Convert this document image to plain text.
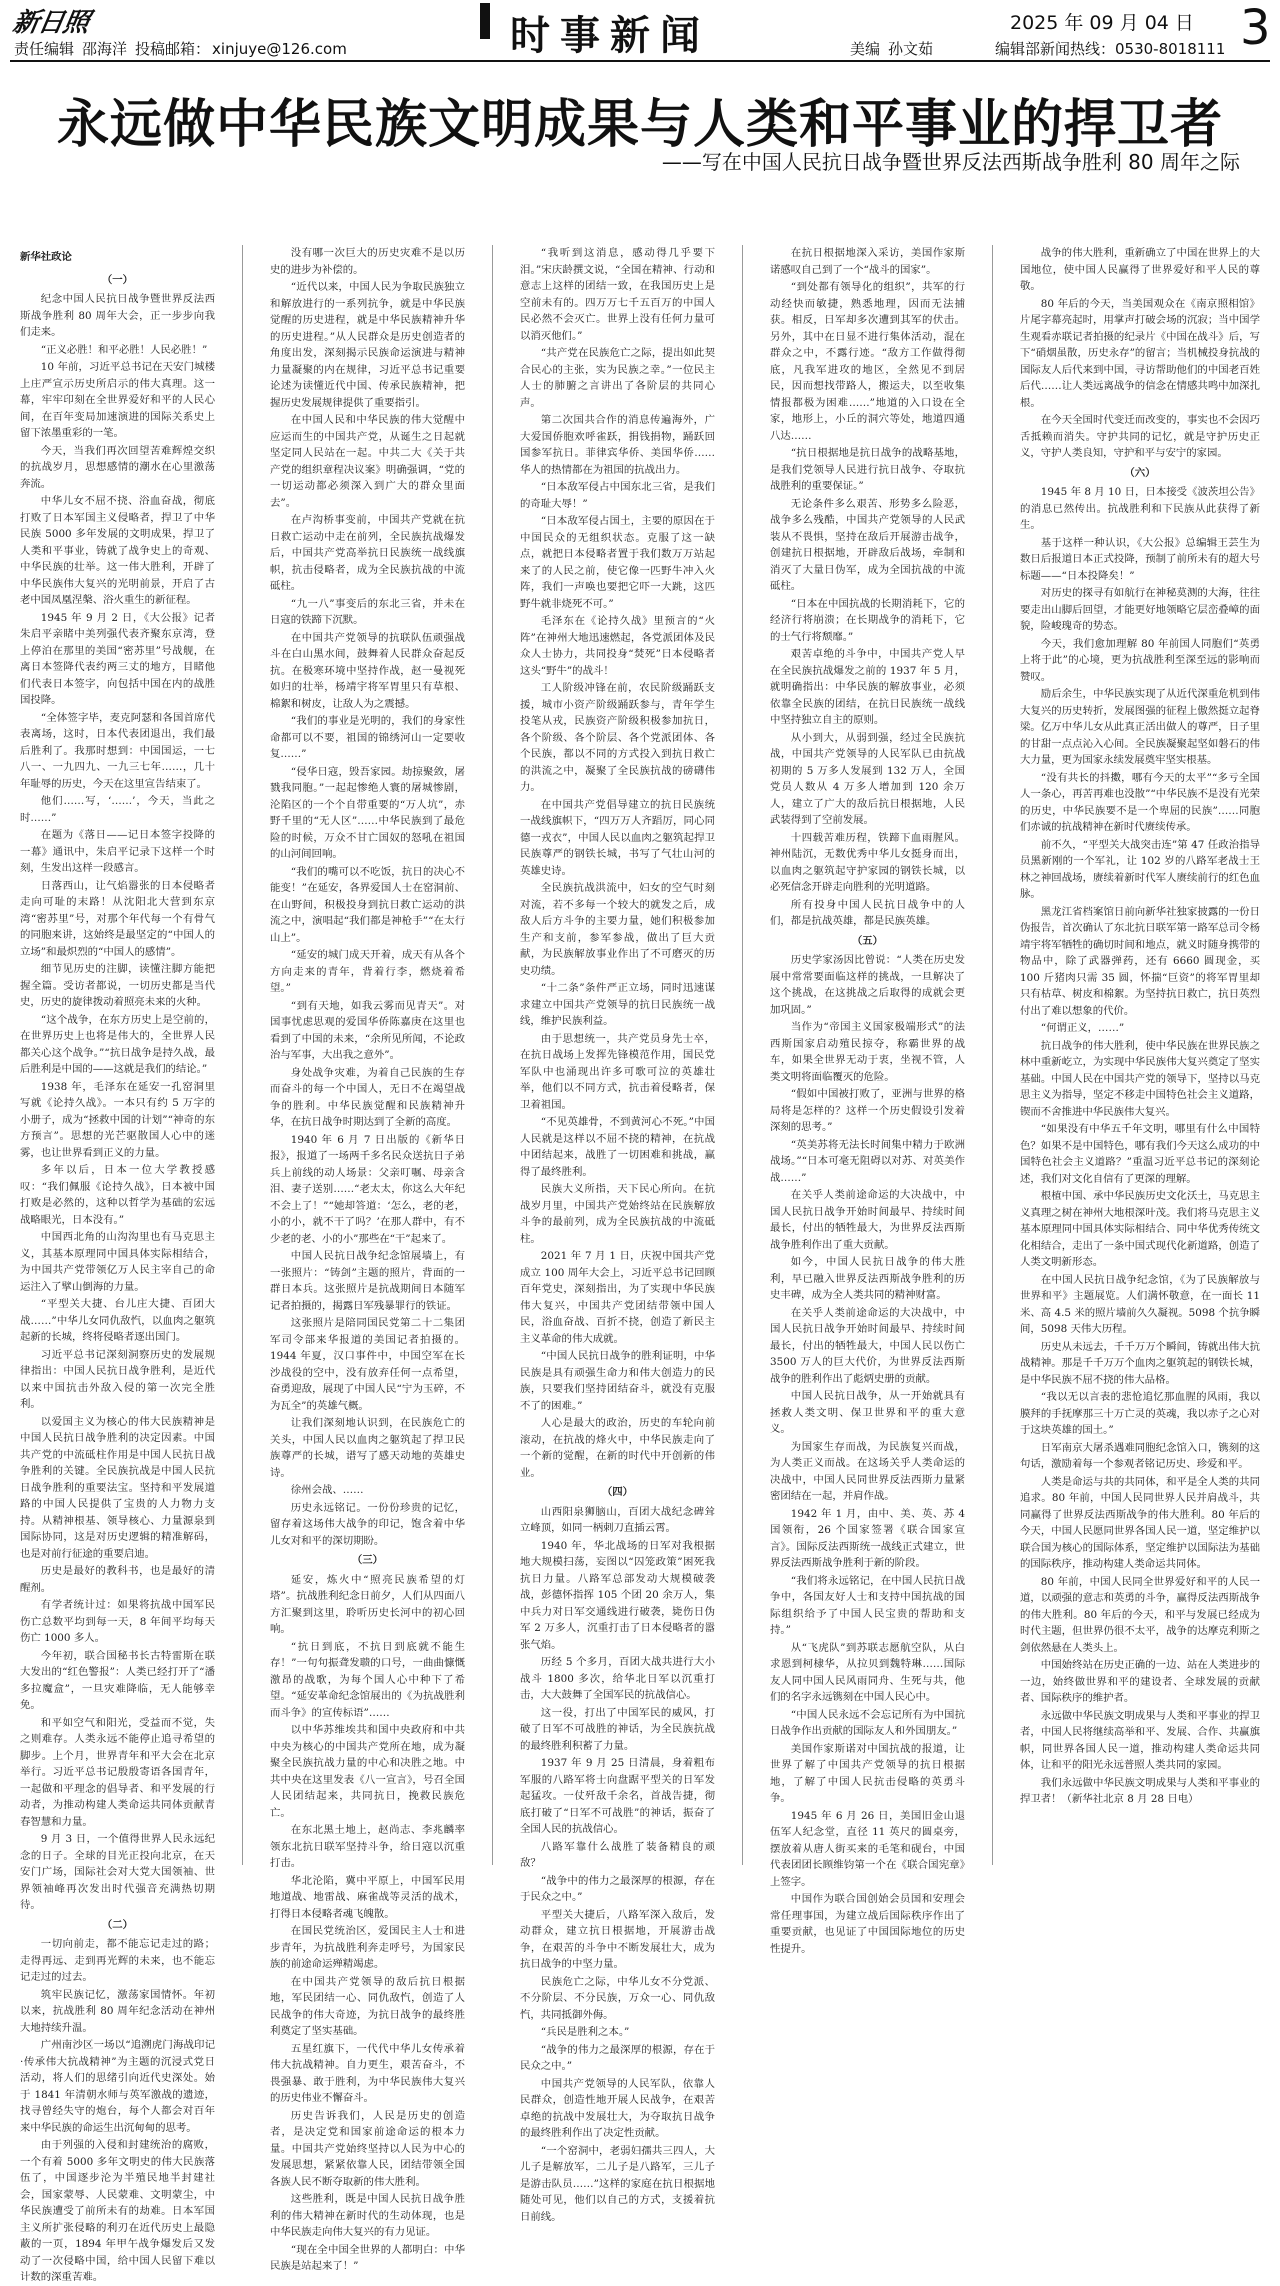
新日照
责任编辑 邵海洋 投稿邮箱： xinjuye@126.com	时事新闻	美编 孙文茹
2025 年 09 月 04 日
编辑部新闻热线：0530-8018111 3
永远做中华民族文明成果与人类和平事业的捍卫者
——写在中国人民抗日战争暨世界反法西斯战争胜利 80 周年之际
新华社政论
（一）

纪念中国人民抗日战争暨世界反法西斯战争胜利 80 周年大会，正一步步向我们走来。

“正义必胜！和平必胜！人民必胜！”

10 年前，习近平总书记在天安门城楼上庄严宣示历史所启示的伟大真理。这一幕，牢牢印刻在全世界爱好和平的人民心间，在百年变局加速演进的国际关系史上留下浓墨重彩的一笔。

今天，当我们再次回望苦难辉煌交织的抗战岁月，思想感情的潮水在心里激荡奔流。

中华儿女不屈不挠、浴血奋战，彻底打败了日本军国主义侵略者，捍卫了中华民族 5000 多年发展的文明成果，捍卫了人类和平事业，铸就了战争史上的奇观、中华民族的壮举。这一伟大胜利，开辟了中华民族伟大复兴的光明前景，开启了古老中国凤凰涅槃、浴火重生的新征程。

1945 年 9 月 2 日，《大公报》记者朱启平亲睹中美列强代表齐聚东京湾，登上停泊在那里的美国“密苏里”号战舰，在离日本签降代表约两三丈的地方，目睹他们代表日本签字，向包括中国在内的战胜国投降。

“全体签字毕，麦克阿瑟和各国首席代表离场，这时，日本代表团退出，我们最后胜利了。我那时想到：中国国运，一七八一、一九四九、一九三七年……，几十年耻辱的历史，今天在这里宣告结束了。

他们……写，‘……’，今天，当此之时……”

在题为《落日——记日本签字投降的一幕》通讯中，朱启平记录下这样一个时刻，生发出这样一段感言。

日落西山，让气焰嚣张的日本侵略者走向可耻的末路！从沈阳北大营到东京湾“密苏里”号，对那个年代每一个有骨气的同胞来讲，这始终是最坚定的“中国人的立场”和最炽烈的“中国人的感情”。

细节见历史的注脚，读懂注脚方能把握全篇。受访者都说，一切历史都是当代史，历史的旋律拨动着照亮未来的火种。

“这个战争，在东方历史上是空前的，在世界历史上也将是伟大的，全世界人民都关心这个战争。”“抗日战争是持久战，最后胜利是中国的——这就是我们的结论。”

1938 年，毛泽东在延安一孔窑洞里写就《论持久战》。一本只有约 5 万字的小册子，成为“拯救中国的计划”“神奇的东方预言”。思想的光芒驱散国人心中的迷雾，也让世界看到正义的力量。

多年以后，日本一位大学教授感叹：“我们佩服《论持久战》，日本被中国打败是必然的，这种以哲学为基础的宏远战略眼光，日本没有。”

中国西北角的山沟沟里也有马克思主义，其基本原理同中国具体实际相结合，为中国共产党带领亿万人民主宰自己的命运注入了擘山倒海的力量。

“平型关大捷、台儿庄大捷、百团大战……”中华儿女同仇敌忾，以血肉之躯筑起新的长城，终将侵略者逐出国门。

习近平总书记深刻洞察历史的发展规律指出：中国人民抗日战争胜利，是近代以来中国抗击外敌入侵的第一次完全胜利。

以爱国主义为核心的伟大民族精神是中国人民抗日战争胜利的决定因素。中国共产党的中流砥柱作用是中国人民抗日战争胜利的关键。全民族抗战是中国人民抗日战争胜利的重要法宝。坚持和平发展道路的中国人民提供了宝贵的人力物力支持。从精神根基、领导核心、力量源泉到国际协同，这是对历史逻辑的精准解码，也是对前行征途的重要启迪。

历史是最好的教科书，也是最好的清醒剂。

有学者统计过：如果将抗战中国军民伤亡总数平均到每一天，8 年间平均每天伤亡 1000 多人。

今年初，联合国秘书长古特雷斯在联大发出的“红色警报”：人类已经打开了“潘多拉魔盒”，一旦灾难降临，无人能够幸免。

和平如空气和阳光，受益而不觉，失之则难存。人类永远不能停止追寻希望的脚步。上个月，世界青年和平大会在北京举行。习近平总书记殷殷寄语各国青年，一起做和平理念的倡导者、和平发展的行动者，为推动构建人类命运共同体贡献青春智慧和力量。

9 月 3 日，一个值得世界人民永远纪念的日子。全球的目光正投向北京，在天安门广场，国际社会对大党大国领袖、世界领袖峰再次发出时代强音充满热切期待。

（二）

一切向前走，都不能忘记走过的路；走得再远、走到再光辉的未来，也不能忘记走过的过去。

筑牢民族记忆，激荡家国情怀。年初以来，抗战胜利 80 周年纪念活动在神州大地持续升温。

广州南沙区一场以“追溯虎门海战印记·传承伟大抗战精神”为主题的沉浸式党日活动，将人们的思绪引向近代史深处。始于 1841 年清朝水师与英军激战的遗迹，找寻曾经失守的炮台，每个人都会对百年来中华民族的命运生出沉甸甸的思考。

由于列强的入侵和封建统治的腐败，一个有着 5000 多年文明史的伟大民族落伍了，中国逐步沦为半殖民地半封建社会，国家蒙辱、人民蒙难、文明蒙尘，中华民族遭受了前所未有的劫难。日本军国主义所扩张侵略的利刃在近代历史上最隐蔽的一页，1894 年甲午战争爆发后又发动了一次侵略中国，给中国人民留下难以计数的深重苦难。

没有哪一次巨大的历史灾难不是以历史的进步为补偿的。

“近代以来，中国人民为争取民族独立和解放进行的一系列抗争，就是中华民族觉醒的历史进程，就是中华民族精神升华的历史进程。”从人民群众是历史创造者的角度出发，深刻揭示民族命运演进与精神力量凝聚的内在规律，习近平总书记重要论述为读懂近代中国、传承民族精神，把握历史发展规律提供了重要指引。

在中国人民和中华民族的伟大觉醒中应运而生的中国共产党，从诞生之日起就坚定同人民站在一起。中共二大《关于共产党的组织章程决议案》明确强调，“党的一切运动都必须深入到广大的群众里面去”。

在卢沟桥事变前，中国共产党就在抗日救亡运动中走在前列，全民族抗战爆发后，中国共产党高举抗日民族统一战线旗帜，抗击侵略者，成为全民族抗战的中流砥柱。

“九一八”事变后的东北三省，并未在日寇的铁蹄下沉默。

在中国共产党领导的抗联队伍顽强战斗在白山黑水间，鼓舞着人民群众奋起反抗。在极寒环境中坚持作战，赵一曼视死如归的壮举，杨靖宇将军胃里只有草根、棉絮和树皮，让敌人为之震撼。

“我们的事业是光明的，我们的身家性命都可以不要，祖国的锦绣河山一定要收复……”

“侵华日寇，毁吾家园。劫掠聚敛，屠戮我同胞。”一起起惨绝人寰的屠城惨剧，沦陷区的一个个自带重要的“万人坑”，赤野千里的“无人区”……中华民族到了最危险的时候，万众不甘亡国奴的怒吼在祖国的山河间回响。

“我们的嘴可以不吃饭，抗日的决心不能变！”在延安，各界爱国人士在窑洞前、在山野间，积极投身到抗日救亡运动的洪流之中，演唱起“我们都是神枪手”“在太行山上”。

“延安的城门成天开着，成天有从各个方向走来的青年，背着行李，燃烧着希望。”

“到有天地，如我云雾而见青天”。对国事忧虑思观的爱国华侨陈嘉庚在这里也看到了中国的未来，“余所见所闻，不论政治与军事，大出我之意外”。

身处战争灾难，为着自己民族的生存而奋斗的每一个中国人，无日不在竭望战争的胜利。中华民族觉醒和民族精神升华，在抗日战争时期达到了全新的高度。

1940 年 6 月 7 日出版的《新华日报》，报道了一场两千多名民众送抗日子弟兵上前线的动人场景：父亲叮嘱、母亲含泪、妻子送别……“老太太，你这么大年纪不会上了！”“她却答道：‘怎么，老的老，小的小，就不干了吗？’在那人群中，有不少老的老、小的小”那些在“干”起来了。

中国人民抗日战争纪念馆展墙上，有一张照片：“铸剑”主题的照片，背面的一群日本兵。这张照片是抗战期间日本随军记者拍摄的，揭露日军残暴罪行的铁证。

这张照片是陪同国民党第二十二集团军司令部来华报道的美国记者拍摄的。1944 年夏，汉口事件中，中国空军在长沙战役的空中，没有放弃任何一点希望，奋勇迎敌，展现了中国人民“宁为玉碎，不为瓦全”的英雄气概。

让我们深刻地认识到，在民族危亡的关头，中国人民以血肉之躯筑起了捍卫民族尊严的长城，谱写了感天动地的英雄史诗。

徐州会战、……

历史永远铭记。一份份珍贵的记忆，留存着这场伟大战争的印记，饱含着中华儿女对和平的深切期盼。

（三）

延安，炼火中“照亮民族希望的灯塔”。抗战胜利纪念日前夕，人们从四面八方汇聚到这里，聆听历史长河中的初心回响。

“抗日到底，不抗日到底就不能生存！”一句句振聋发聩的口号，一曲曲慷慨激昂的战歌，为每个国人心中种下了希望。“延安革命纪念馆展出的《为抗战胜利而斗争》的宣传标语”……

以中华苏维埃共和国中央政府和中共中央为核心的中国共产党所在地，成为凝聚全民族抗战力量的中心和决胜之地。中共中央在这里发表《八一宣言》，号召全国人民团结起来，共同抗日，挽救民族危亡。

在东北黑土地上，赵尚志、李兆麟率领东北抗日联军坚持斗争，给日寇以沉重打击。

华北沦陷，冀中平原上，中国军民用地道战、地雷战、麻雀战等灵活的战术，打得日本侵略者魂飞魄散。

在国民党统治区，爱国民主人士和进步青年，为抗战胜利奔走呼号，为国家民族的前途命运殚精竭虑。

在中国共产党领导的敌后抗日根据地，军民团结一心、同仇敌忾，创造了人民战争的伟大奇迹，为抗日战争的最终胜利奠定了坚实基础。

五星红旗下，一代代中华儿女传承着伟大抗战精神。自力更生，艰苦奋斗，不畏强暴、敢于胜利，为中华民族伟大复兴的历史伟业不懈奋斗。

历史告诉我们，人民是历史的创造者，是决定党和国家前途命运的根本力量。中国共产党始终坚持以人民为中心的发展思想，紧紧依靠人民，团结带领全国各族人民不断夺取新的伟大胜利。

这些胜利，既是中国人民抗日战争胜利的伟大精神在新时代的生动体现，也是中华民族走向伟大复兴的有力见证。

“现在全中国全世界的人都明白：中华民族是站起来了！”

“我听到这消息，感动得几乎要下泪。”宋庆龄撰文说，“全国在精神、行动和意志上这样的团结一致，在我国历史上是空前未有的。四万万七千五百万的中国人民必然不会灭亡。世界上没有任何力量可以消灭他们。”

“共产党在民族危亡之际，提出如此契合民心的主张，实为民族之幸。”一位民主人士的肺腑之言讲出了各阶层的共同心声。

第二次国共合作的消息传遍海外，广大爱国侨胞欢呼雀跃，捐钱捐物，踊跃回国参军抗日。菲律宾华侨、美国华侨……华人的热情都在为祖国的抗战出力。

“日本敌军侵占中国东北三省，是我们的奇耻大辱！”

“日本敌军侵占国土，主要的原因在于中国民众的无组织状态。克服了这一缺点，就把日本侵略者置于我们数万万站起来了的人民之前，使它像一匹野牛冲入火阵，我们一声唤也要把它吓一大跳，这匹野牛就非烧死不可。”

毛泽东在《论持久战》里预言的“火阵”在神州大地迅速燃起，各党派团体及民众人士协力，共同投身“焚死”日本侵略者这头“野牛”的战斗！

工人阶级冲锋在前，农民阶级踊跃支援，城市小资产阶级踊跃参与，青年学生投笔从戎，民族资产阶级积极参加抗日，各个阶级、各个阶层、各个党派团体、各个民族，都以不同的方式投入到抗日救亡的洪流之中，凝聚了全民族抗战的磅礴伟力。

在中国共产党倡导建立的抗日民族统一战线旗帜下，“四万万人齐蹈厉，同心同德一戎衣”，中国人民以血肉之躯筑起捍卫民族尊严的钢铁长城，书写了气壮山河的英雄史诗。

全民族抗战洪流中，妇女的空气时刻对流，若不多每一个较大的就发之后，成敌人后方斗争的主要力量，她们积极参加生产和支前，参军参战，做出了巨大贡献，为民族解放事业作出了不可磨灭的历史功绩。

“十二条”条件严正立场，同时迅速谋求建立中国共产党领导的抗日民族统一战线，维护民族利益。

由于思想统一，共产党员身先士卒，在抗日战场上发挥先锋模范作用，国民党军队中也涌现出许多可歌可泣的英雄壮举，他们以不同方式，抗击着侵略者，保卫着祖国。

“不见英雄骨，不到黄河心不死。”中国人民就是这样以不屈不挠的精神，在抗战中团结起来，战胜了一切困难和挑战，赢得了最终胜利。

民族大义所指，天下民心所向。在抗战岁月里，中国共产党始终站在民族解放斗争的最前列，成为全民族抗战的中流砥柱。

2021 年 7 月 1 日，庆祝中国共产党成立 100 周年大会上，习近平总书记回顾百年党史，深刻指出，为了实现中华民族伟大复兴，中国共产党团结带领中国人民，浴血奋战、百折不挠，创造了新民主主义革命的伟大成就。

“中国人民抗日战争的胜利证明，中华民族是具有顽强生命力和伟大创造力的民族，只要我们坚持团结奋斗，就没有克服不了的困难。”

人心是最大的政治，历史的车轮向前滚动，在抗战的烽火中，中华民族走向了一个新的觉醒，在新的时代中开创新的伟业。

（四）

山西阳泉狮脑山，百团大战纪念碑耸立峰顶，如同一柄刺刀直插云霄。

1940 年，华北战场的日军对我根据地大规模扫荡，妄图以“囚笼政策”困死我抗日力量。八路军总部发动大规模破袭战，彭德怀指挥 105 个团 20 余万人，集中兵力对日军交通线进行破袭，毙伤日伪军 2 万多人，沉重打击了日本侵略者的嚣张气焰。

历经 5 个多月，百团大战共进行大小战斗 1800 多次，给华北日军以沉重打击，大大鼓舞了全国军民的抗战信心。

这一役，打出了中国军民的威风，打破了日军不可战胜的神话，为全民族抗战的最终胜利积蓄了力量。

1937 年 9 月 25 日清晨，身着粗布军服的八路军将士向盘踞平型关的日军发起猛攻。一仗歼敌千余名，首战告捷，彻底打破了“日军不可战胜”的神话，振奋了全国人民的抗战信心。

八路军靠什么战胜了装备精良的顽敌？

“战争中的伟力之最深厚的根源，存在于民众之中。”

平型关大捷后，八路军深入敌后，发动群众，建立抗日根据地，开展游击战争，在艰苦的斗争中不断发展壮大，成为抗日战争的中坚力量。

民族危亡之际，中华儿女不分党派、不分阶层、不分民族，万众一心、同仇敌忾，共同抵御外侮。

“兵民是胜利之本。”

“战争的伟力之最深厚的根源，存在于民众之中。”

中国共产党领导的人民军队，依靠人民群众，创造性地开展人民战争，在艰苦卓绝的抗战中发展壮大，为夺取抗日战争的最终胜利作出了决定性贡献。

“一个窑洞中，老弱妇孺共三四人，大儿子是解放军，二儿子是八路军，三儿子是游击队员……”这样的家庭在抗日根据地随处可见，他们以自己的方式，支援着抗日前线。

在抗日根据地深入采访，美国作家斯诺感叹自己到了一个“战斗的国家”。

“到处都有领导化的组织”，共军的行动经快而敏捷，熟悉地理，因而无法捕获。相反，日军却多次遭到其军的伏击。另外，其中在日显不进行集体活动，混在群众之中，不露行迹。“敌方工作做得彻底，凡我军进攻的地区，全然见不到居民，因而想找带路人，搬运夫，以至收集情报都极为困难……”地道的入口设在全家，地形上，小丘的洞穴等处，地道四通八达……

“抗日根据地是抗日战争的战略基地，是我们党领导人民进行抗日战争、夺取抗战胜利的重要保证。”

无论条件多么艰苦、形势多么险恶，战争多么残酷，中国共产党领导的人民武装从不畏惧，坚持在敌后开展游击战争，创建抗日根据地，开辟敌后战场，牵制和消灭了大量日伪军，成为全国抗战的中流砥柱。

“日本在中国抗战的长期消耗下，它的经济行将崩溃；在长期战争的消耗下，它的士气行将颓靡。”

艰苦卓绝的斗争中，中国共产党人早在全民族抗战爆发之前的 1937 年 5 月，就明确指出：中华民族的解放事业，必须依靠全民族的团结，在抗日民族统一战线中坚持独立自主的原则。

从小到大，从弱到强，经过全民族抗战，中国共产党领导的人民军队已由抗战初期的 5 万多人发展到 132 万人，全国党员人数从 4 万多人增加到 120 余万人，建立了广大的敌后抗日根据地，人民武装得到了空前发展。

十四载苦难历程，铁蹄下血雨腥风。神州陆沉，无数优秀中华儿女挺身而出，以血肉之躯筑起守护家园的钢铁长城，以必死信念开辟走向胜利的光明道路。

所有投身中国人民抗日战争中的人们，都是抗战英雄，都是民族英雄。

（五）

历史学家汤因比曾说：“人类在历史发展中常常要面临这样的挑战，一旦解决了这个挑战，在这挑战之后取得的成就会更加巩固。”

当作为“帝国主义国家极端形式”的法西斯国家启动殖民掠夺，称霸世界的战车，如果全世界无动于衷，坐视不管，人类文明将面临覆灭的危险。

“假如中国被打败了，亚洲与世界的格局将是怎样的？这样一个历史假设引发着深刻的思考。”

“英美苏将无法长时间集中精力于欧洲战场。”“日本可毫无阻碍以对苏、对英美作战……”

在关乎人类前途命运的大决战中，中国人民抗日战争开始时间最早、持续时间最长，付出的牺牲最大，为世界反法西斯战争胜利作出了重大贡献。

如今，中国人民抗日战争的伟大胜利，早已融入世界反法西斯战争胜利的历史丰碑，成为全人类共同的精神财富。

在关乎人类前途命运的大决战中，中国人民抗日战争开始时间最早、持续时间最长，付出的牺牲最大，中国人民以伤亡 3500 万人的巨大代价，为世界反法西斯战争的胜利作出了彪炳史册的贡献。

中国人民抗日战争，从一开始就具有拯救人类文明、保卫世界和平的重大意义。

为国家生存而战，为民族复兴而战，为人类正义而战。在这场关乎人类命运的决战中，中国人民同世界反法西斯力量紧密团结在一起，并肩作战。

1942 年 1 月，由中、美、英、苏 4 国领衔，26 个国家签署《联合国家宣言》。国际反法西斯统一战线正式建立，世界反法西斯战争胜利于新的阶段。

“我们将永远铭记，在中国人民抗日战争中，各国友好人士和支持中国抗战的国际组织给予了中国人民宝贵的帮助和支持。”

从“飞虎队”到苏联志愿航空队，从白求恩到柯棣华，从拉贝到魏特琳……国际友人同中国人民风雨同舟、生死与共，他们的名字永远镌刻在中国人民心中。

“中国人民永远不会忘记所有为中国抗日战争作出贡献的国际友人和外国朋友。”

美国作家斯诺对中国抗战的报道，让世界了解了中国共产党领导的抗日根据地，了解了中国人民抗击侵略的英勇斗争。

1945 年 6 月 26 日，美国旧金山退伍军人纪念堂，直径 11 英尺的圆桌旁，摆放着从唐人街买来的毛笔和砚台，中国代表团团长顾维钧第一个在《联合国宪章》上签字。

中国作为联合国创始会员国和安理会常任理事国，为建立战后国际秩序作出了重要贡献，也见证了中国国际地位的历史性提升。

战争的伟大胜利，重新确立了中国在世界上的大国地位，使中国人民赢得了世界爱好和平人民的尊敬。

80 年后的今天，当美国观众在《南京照相馆》片尾字幕亮起时，用掌声打破会场的沉寂；当中国学生观看赤联记者拍摄的纪录片《中国在战斗》后，写下“硝烟虽散，历史永存”的留言；当机械投身抗战的国际友人后代来到中国，寻访帮助他们的中国老百姓后代……让人类远离战争的信念在情感共鸣中加深扎根。

在今天全国时代变迁而改变的，事实也不会因巧舌抵赖而消失。守护共同的记忆，就是守护历史正义，守护人类良知，守护和平与安宁的家园。

（六）

1945 年 8 月 10 日，日本接受《波茨坦公告》的消息已然传出。抗战胜利和下民族从此获得了新生。

基于这样一种认识，《大公报》总编辑王芸生为数日后报道日本正式投降，预制了前所未有的超大号标题——“日本投降矣！”

对历史的探寻有如航行在神秘莫测的大海，往往要走出山脚后回望，才能更好地领略它层峦叠嶂的面貌，险峻瑰奇的势态。

今天，我们愈加理解 80 年前国人同胞们“英勇上将于此”的心境，更为抗战胜利至深至远的影响而赞叹。

励后余生，中华民族实现了从近代深重危机到伟大复兴的历史转折，发展图强的征程上傲然挺立起脊梁。亿万中华儿女从此真正活出做人的尊严，日子里的甘甜一点点沁入心间。全民族凝聚起坚如磐石的伟大力量，更为国家永续发展奠牢坚实根基。

“没有共长的抖擞，哪有今天的太平”“多亏全国人一条心，再苦再难也没散”“中华民族不是没有光荣的历史，中华民族要不是一个卑屈的民族”……同胞们赤诚的抗战精神在新时代赓续传承。

前不久，“平型关大战突击连”第 47 任政治指导员黑新刚的一个军礼，让 102 岁的八路军老战士王林之神回战场，赓续着新时代军人赓续前行的红色血脉。

黑龙江省档案馆日前向新华社独家披露的一份日伪报告，首次确认了东北抗日联军第一路军总司令杨靖宇将军牺牲的确切时间和地点，就义时随身携带的物品中，除了武器弹药，还有 6660 圆现金，买 100 斤猪肉只需 35 圆，怀揣“巨资”的将军胃里却只有枯草、树皮和棉絮。为坚持抗日救亡，抗日英烈付出了难以想象的代价。

“何谓正义，……”

抗日战争的伟大胜利，使中华民族在世界民族之林中重新屹立，为实现中华民族伟大复兴奠定了坚实基础。中国人民在中国共产党的领导下，坚持以马克思主义为指导，坚定不移走中国特色社会主义道路，锲而不舍推进中华民族伟大复兴。

“如果没有中华五千年文明，哪里有什么中国特色？如果不是中国特色，哪有我们今天这么成功的中国特色社会主义道路？”重温习近平总书记的深刻论述，我们对文化自信有了更深的理解。

根植中国、承中华民族历史文化沃土，马克思主义真理之树在神州大地根深叶茂。我们将马克思主义基本原理同中国具体实际相结合、同中华优秀传统文化相结合，走出了一条中国式现代化新道路，创造了人类文明新形态。

在中国人民抗日战争纪念馆，《为了民族解放与世界和平》主题展览。人们满怀敬意，在一面长 11 米、高 4.5 米的照片墙前久久凝视。5098 个抗争瞬间，5098 天伟大历程。

历史从未远去，千千万万个瞬间，铸就出伟大抗战精神。那是千千万万个血肉之躯筑起的钢铁长城，是中华民族不屈不挠的伟大品格。

“我以无以言表的悲怆追忆那血腥的风雨，我以膜拜的手抚摩那三十万亡灵的英魂，我以赤子之心对于这块英雄的国土。”

日军南京大屠杀遇难同胞纪念馆入口，镌刻的这句话，激励着每一个参观者铭记历史、珍爱和平。

人类是命运与共的共同体，和平是全人类的共同追求。80 年前，中国人民同世界人民并肩战斗，共同赢得了世界反法西斯战争的伟大胜利。80 年后的今天，中国人民愿同世界各国人民一道，坚定维护以联合国为核心的国际体系，坚定维护以国际法为基础的国际秩序，推动构建人类命运共同体。

80 年前，中国人民同全世界爱好和平的人民一道，以顽强的意志和英勇的斗争，赢得反法西斯战争的伟大胜利。80 年后的今天，和平与发展已经成为时代主题，但世界仍很不太平，战争的达摩克利斯之剑依然悬在人类头上。

中国始终站在历史正确的一边、站在人类进步的一边，始终做世界和平的建设者、全球发展的贡献者、国际秩序的维护者。

永远做中华民族文明成果与人类和平事业的捍卫者，中国人民将继续高举和平、发展、合作、共赢旗帜，同世界各国人民一道，推动构建人类命运共同体，让和平的阳光永远普照人类共同的家园。

我们永远做中华民族文明成果与人类和平事业的捍卫者！（新华社北京 8 月 28 日电）
